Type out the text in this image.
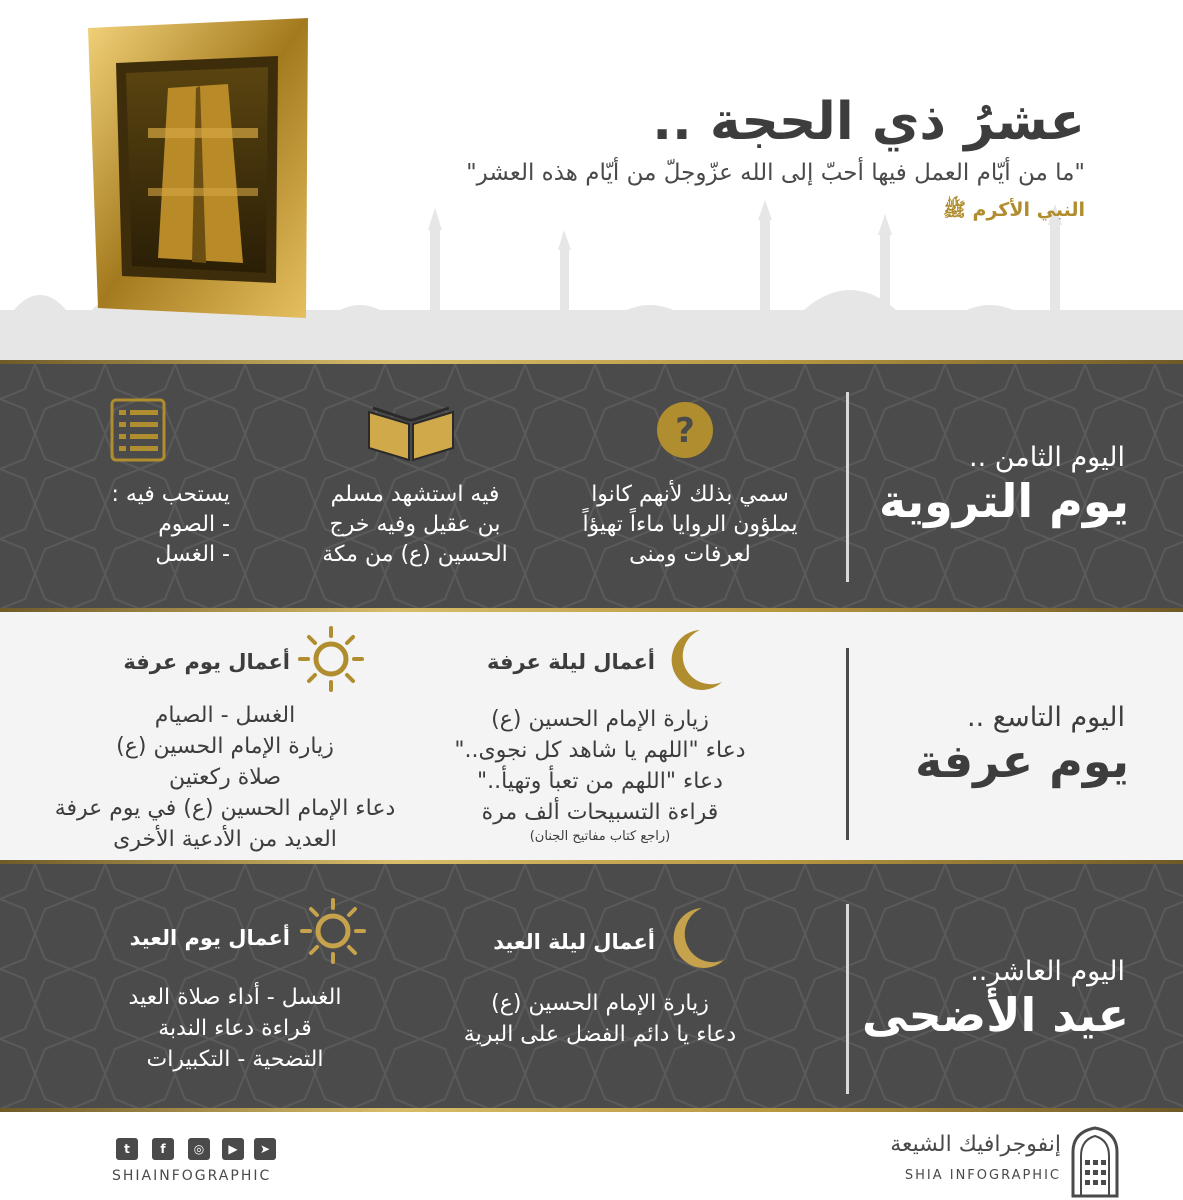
عشرُ ذي الحجة ..
"ما من أيّام العمل فيها أحبّ إلى الله عزّوجلّ من أيّام هذه العشر"
النبي الأكرم ﷺ
اليوم الثامن ..
يوم التروية
?
سمي بذلك لأنهم كانوا
يملؤون الروايا ماءاً تهيؤاً
لعرفات ومنى
فيه استشهد مسلم
بن عقيل وفيه خرج
الحسين (ع) من مكة
يستحب فيه :
- الصوم
- الغسل
اليوم التاسع ..
يوم عرفة
أعمال ليلة عرفة
زيارة الإمام الحسين (ع)
دعاء "اللهم يا شاهد كل نجوى.."
دعاء "اللهم من تعبأ وتهيأ.."
قراءة التسبيحات ألف مرة
(راجع كتاب مفاتيح الجنان)
أعمال يوم عرفة
الغسل - الصيام
زيارة الإمام الحسين (ع)
صلاة ركعتين
دعاء الإمام الحسين (ع) في يوم عرفة
العديد من الأدعية الأخرى
اليوم العاشر..
عيد الأضحى
أعمال ليلة العيد
زيارة الإمام الحسين (ع)
دعاء يا دائم الفضل على البرية
أعمال يوم العيد
الغسل - أداء صلاة العيد
قراءة دعاء الندبة
التضحية - التكبيرات
➤
▶
◎
f
t
SHIAINFOGRAPHIC
إنفوجرافيك الشيعة
SHIA INFOGRAPHIC
